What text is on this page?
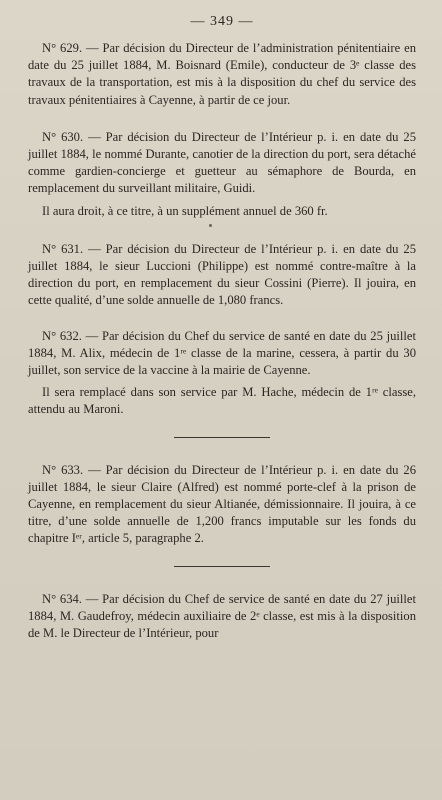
— 349 —

N° 629. — Par décision du Directeur de l’administration pénitentiaire en date du 25 juillet 1884, M. Boisnard (Emile), conducteur de 3ᵉ classe des travaux de la transportation, est mis à la disposition du chef du service des travaux pénitentiaires à Cayenne, à partir de ce jour.

N° 630. — Par décision du Directeur de l’Intérieur p. i. en date du 25 juillet 1884, le nommé Durante, canotier de la direction du port, sera détaché comme gardien-concierge et guetteur au sémaphore de Bourda, en remplacement du surveillant militaire, Guidi.

Il aura droit, à ce titre, à un supplément annuel de 360 fr.

N° 631. — Par décision du Directeur de l’Intérieur p. i. en date du 25 juillet 1884, le sieur Luccioni (Philippe) est nommé contre-maître à la direction du port, en remplacement du sieur Cossini (Pierre). Il jouira, en cette qualité, d’une solde annuelle de 1,080 francs.

N° 632. — Par décision du Chef du service de santé en date du 25 juillet 1884, M. Alix, médecin de 1ʳᵉ classe de la marine, cessera, à partir du 30 juillet, son service de la vaccine à la mairie de Cayenne.

Il sera remplacé dans son service par M. Hache, médecin de 1ʳᵉ classe, attendu au Maroni.

N° 633. — Par décision du Directeur de l’Intérieur p. i. en date du 26 juillet 1884, le sieur Claire (Alfred) est nommé porte-clef à la prison de Cayenne, en remplacement du sieur Altianée, démissionnaire. Il jouira, à ce titre, d’une solde annuelle de 1,200 francs imputable sur les fonds du chapitre Iᵉʳ, article 5, paragraphe 2.

N° 634. — Par décision du Chef de service de santé en date du 27 juillet 1884, M. Gaudefroy, médecin auxiliaire de 2ᵉ classe, est mis à la disposition de M. le Directeur de l’Intérieur, pour
